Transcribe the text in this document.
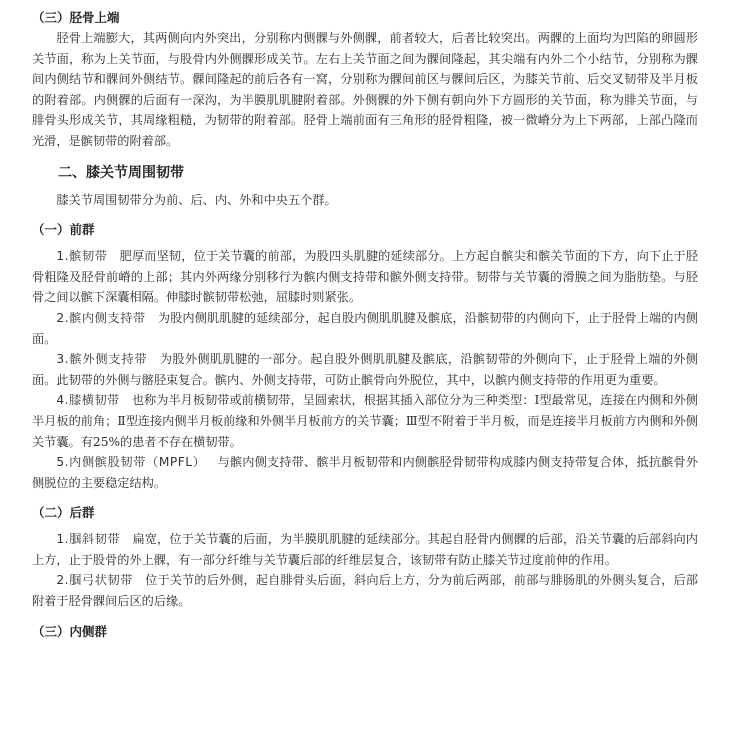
（三）胫骨上端

胫骨上端膨大，其两侧向内外突出，分别称内侧髁与外侧髁，前者较大，后者比较突出。两髁的上面均为凹陷的卵圆形关节面，称为上关节面，与股骨内外侧髁形成关节。左右上关节面之间为髁间隆起，其尖端有内外二个小结节，分别称为髁间内侧结节和髁间外侧结节。髁间隆起的前后各有一窝，分别称为髁间前区与髁间后区，为膝关节前、后交叉韧带及半月板的附着部。内侧髁的后面有一深沟，为半膜肌肌腱附着部。外侧髁的外下侧有朝向外下方圆形的关节面，称为腓关节面，与腓骨头形成关节，其周缘粗糙，为韧带的附着部。胫骨上端前面有三角形的胫骨粗隆，被一微嵴分为上下两部，上部凸隆而光滑，是髌韧带的附着部。

二、膝关节周围韧带

膝关节周围韧带分为前、后、内、外和中央五个群。

（一）前群

1.髌韧带 肥厚而坚韧，位于关节囊的前部，为股四头肌腱的延续部分。上方起自髌尖和髌关节面的下方，向下止于胫骨粗隆及胫骨前嵴的上部；其内外两缘分别移行为髌内侧支持带和髌外侧支持带。韧带与关节囊的滑膜之间为脂肪垫。与胫骨之间以髌下深囊相隔。伸膝时髌韧带松弛，屈膝时则紧张。

2.髌内侧支持带 为股内侧肌肌腱的延续部分，起自股内侧肌肌腱及髌底，沿髌韧带的内侧向下，止于胫骨上端的内侧面。

3.髌外侧支持带 为股外侧肌肌腱的一部分。起自股外侧肌肌腱及髌底，沿髌韧带的外侧向下，止于胫骨上端的外侧面。此韧带的外侧与髂胫束复合。髌内、外侧支持带，可防止髌骨向外脱位，其中，以髌内侧支持带的作用更为重要。

4.膝横韧带 也称为半月板韧带或前横韧带，呈圆索状，根据其插入部位分为三种类型：Ⅰ型最常见，连接在内侧和外侧半月板的前角；Ⅱ型连接内侧半月板前缘和外侧半月板前方的关节囊；Ⅲ型不附着于半月板，而是连接半月板前方内侧和外侧关节囊。有25%的患者不存在横韧带。

5.内侧髌股韧带（MPFL） 与髌内侧支持带、髌半月板韧带和内侧髌胫骨韧带构成膝内侧支持带复合体，抵抗髌骨外侧脱位的主要稳定结构。

（二）后群

1.腘斜韧带 扁宽，位于关节囊的后面，为半膜肌肌腱的延续部分。其起自胫骨内侧髁的后部，沿关节囊的后部斜向内上方，止于股骨的外上髁，有一部分纤维与关节囊后部的纤维层复合，该韧带有防止膝关节过度前伸的作用。

2.腘弓状韧带 位于关节的后外侧，起自腓骨头后面，斜向后上方，分为前后两部，前部与腓肠肌的外侧头复合，后部附着于胫骨髁间后区的后缘。

（三）内侧群
